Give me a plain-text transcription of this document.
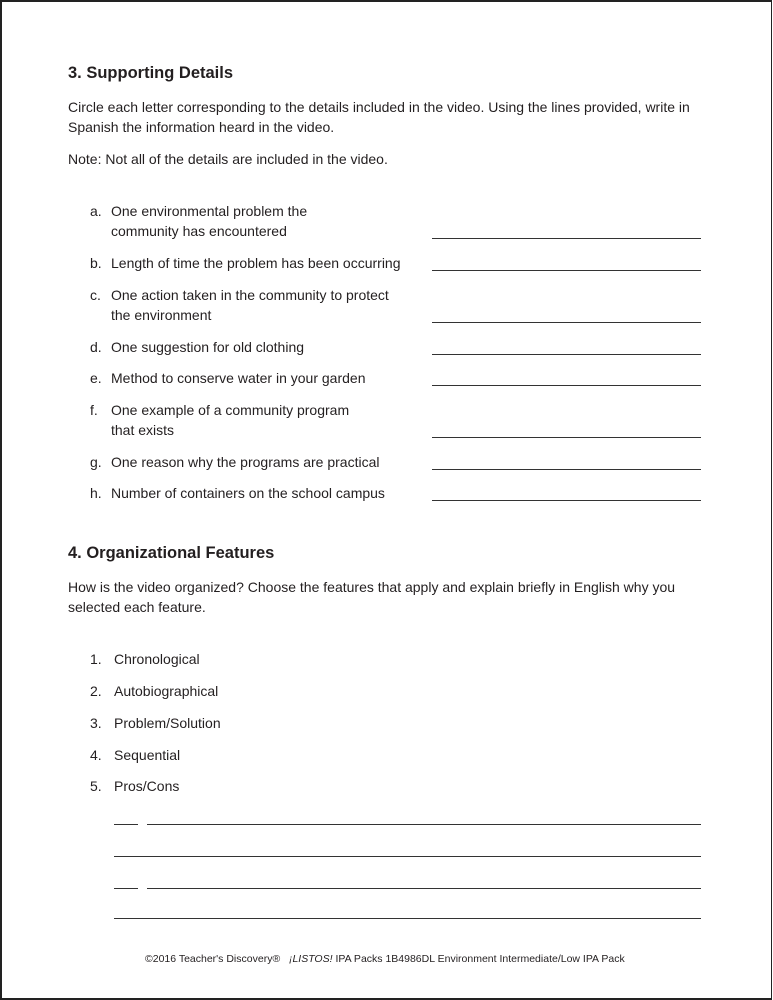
3. Supporting Details
Circle each letter corresponding to the details included in the video. Using the lines provided, write in Spanish the information heard in the video.
Note: Not all of the details are included in the video.
a. One environmental problem the
community has encountered
b. Length of time the problem has been occurring
c. One action taken in the community to protect
the environment
d. One suggestion for old clothing
e. Method to conserve water in your garden
f. One example of a community program
that exists
g. One reason why the programs are practical
h. Number of containers on the school campus
4. Organizational Features
How is the video organized? Choose the features that apply and explain briefly in English why you selected each feature.
1. Chronological
2. Autobiographical
3. Problem/Solution
4. Sequential
5. Pros/Cons
©2016 Teacher's Discovery® ¡LISTOS! IPA Packs 1B4986DL Environment Intermediate/Low IPA Pack
